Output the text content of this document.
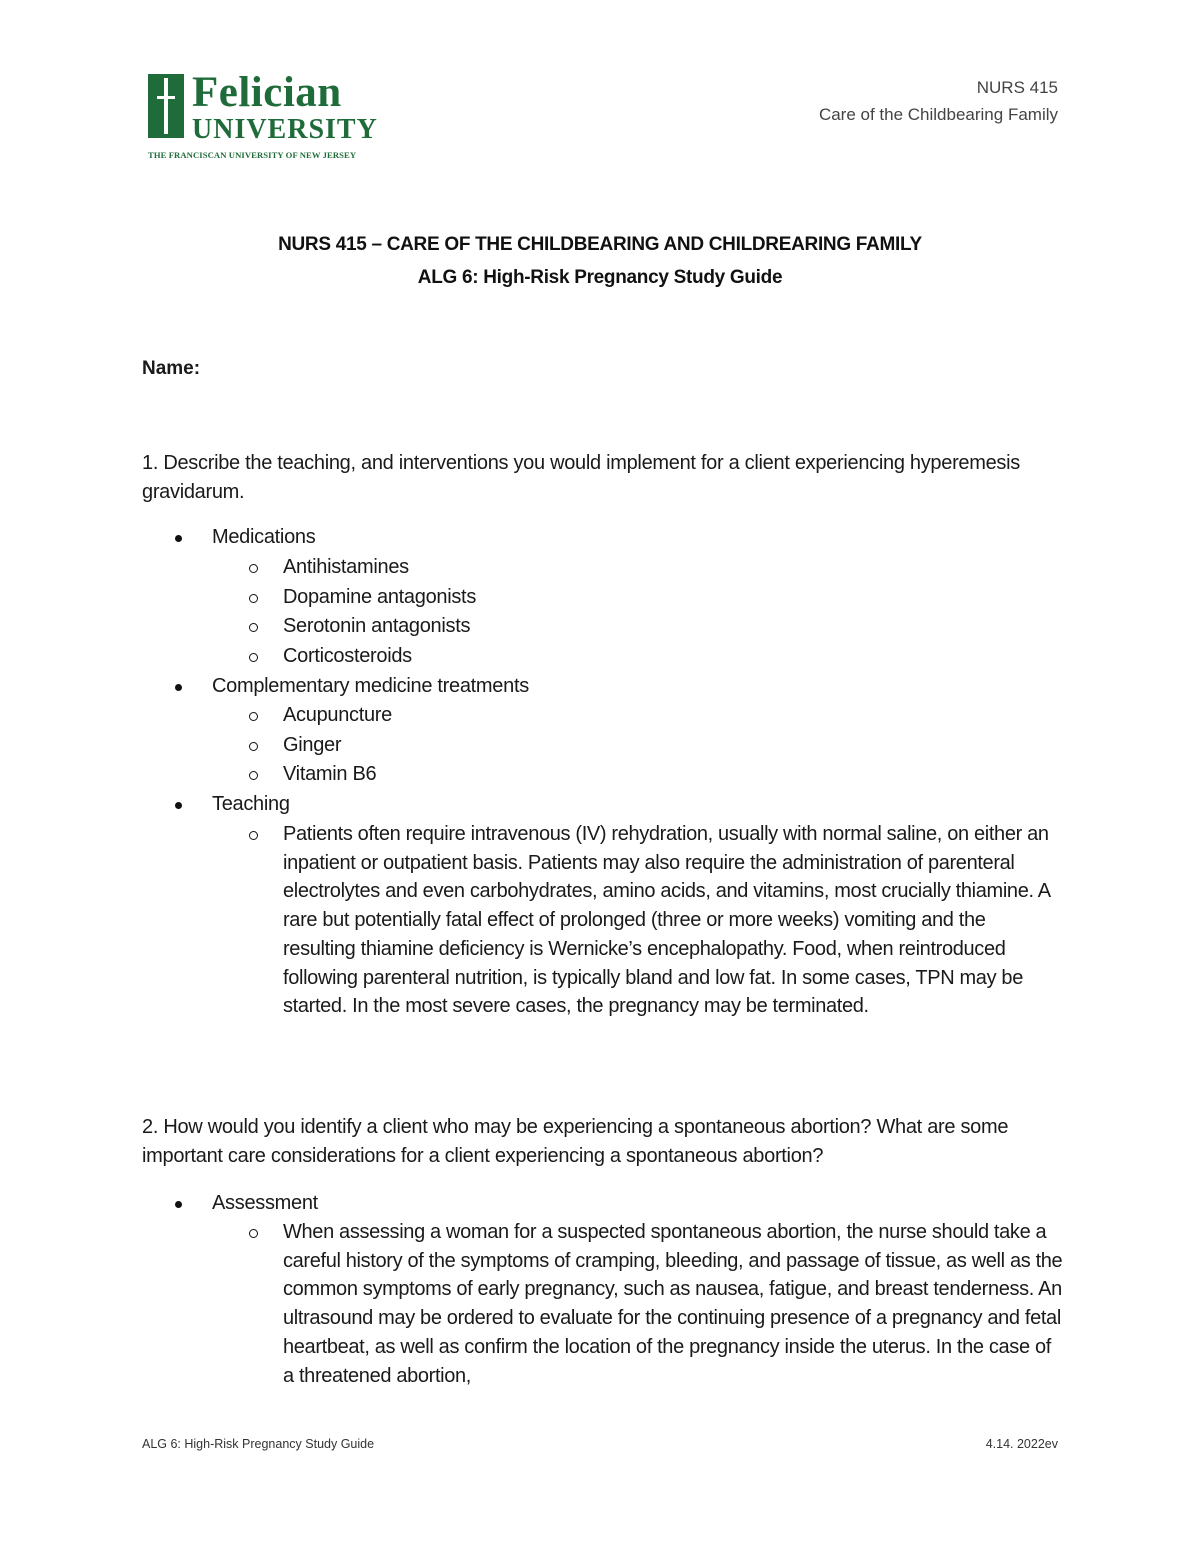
Felician
UNIVERSITY
THE FRANCISCAN UNIVERSITY OF NEW JERSEY
NURS 415
Care of the Childbearing Family
NURS 415 – CARE OF THE CHILDBEARING AND CHILDREARING FAMILY
ALG 6: High-Risk Pregnancy Study Guide
Name:
1. Describe the teaching, and interventions you would implement for a client experiencing hyperemesis gravidarum.
Medications
Antihistamines
Dopamine antagonists
Serotonin antagonists
Corticosteroids
Complementary medicine treatments
Acupuncture
Ginger
Vitamin B6
Teaching
Patients often require intravenous (IV) rehydration, usually with normal saline, on either an inpatient or outpatient basis. Patients may also require the administration of parenteral electrolytes and even carbohydrates, amino acids, and vitamins, most crucially thiamine. A rare but potentially fatal effect of prolonged (three or more weeks) vomiting and the resulting thiamine deficiency is Wernicke’s encephalopathy. Food, when reintroduced following parenteral nutrition, is typically bland and low fat. In some cases, TPN may be started. In the most severe cases, the pregnancy may be terminated.
2. How would you identify a client who may be experiencing a spontaneous abortion? What are some important care considerations for a client experiencing a spontaneous abortion?
Assessment
When assessing a woman for a suspected spontaneous abortion, the nurse should take a careful history of the symptoms of cramping, bleeding, and passage of tissue, as well as the common symptoms of early pregnancy, such as nausea, fatigue, and breast tenderness. An ultrasound may be ordered to evaluate for the continuing presence of a pregnancy and fetal heartbeat, as well as confirm the location of the pregnancy inside the uterus. In the case of a threatened abortion,
ALG 6: High-Risk Pregnancy Study Guide	4.14. 2022ev
